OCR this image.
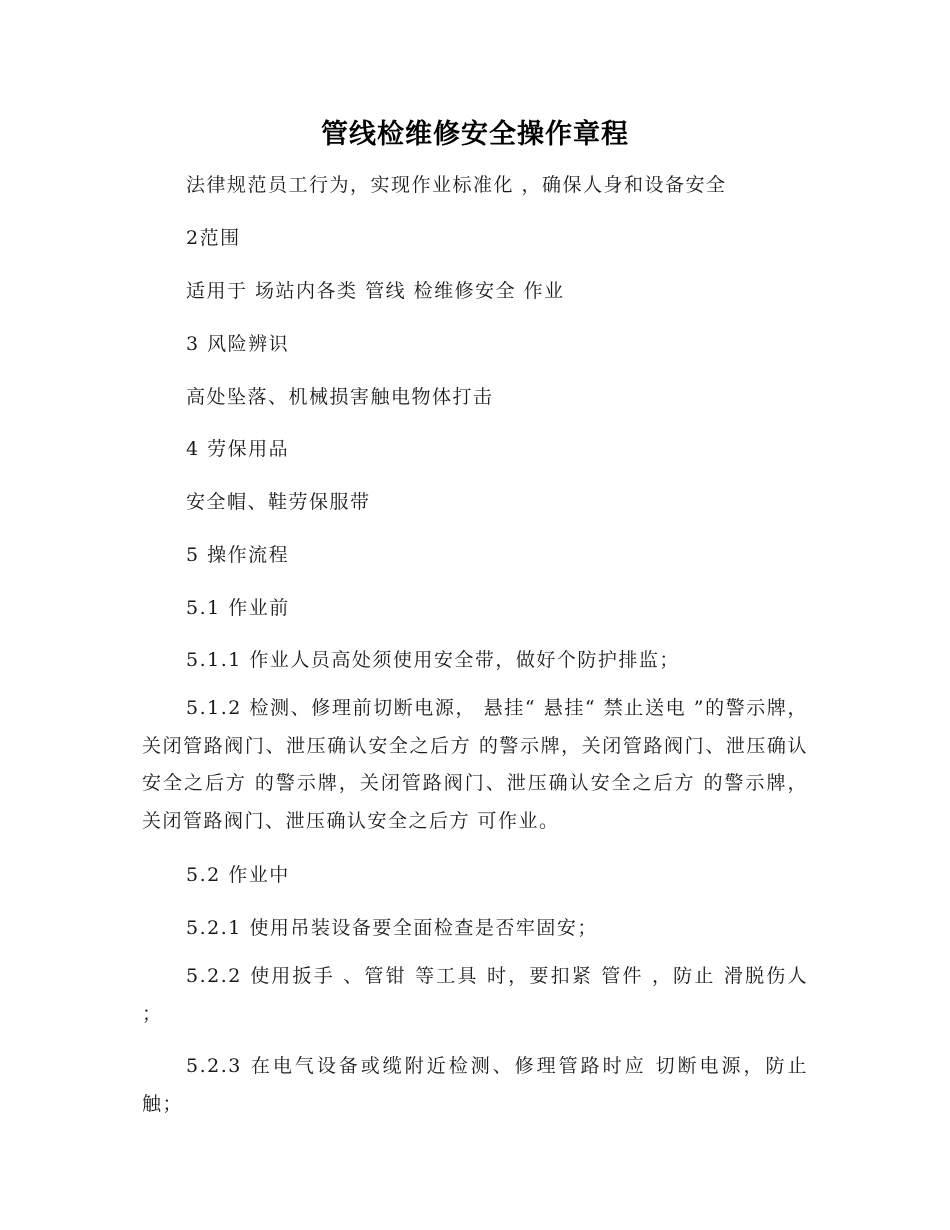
管线检维修安全操作章程
法律规范员工行为，实现作业标准化 ，确保人身和设备安全
2范围
适用于 场站内各类 管线 检维修安全 作业
3 风险辨识
高处坠落、机械损害触电物体打击
4 劳保用品
安全帽、鞋劳保服带
5 操作流程
5.1 作业前
5.1.1 作业人员高处须使用安全带，做好个防护排监；
5.1.2 检测、修理前切断电源， 悬挂“ 悬挂“ 禁止送电 ”的警示牌，关闭管路阀门、泄压确认安全之后方 的警示牌，关闭管路阀门、泄压确认安全之后方 的警示牌，关闭管路阀门、泄压确认安全之后方 的警示牌，关闭管路阀门、泄压确认安全之后方 可作业。
5.2 作业中
5.2.1 使用吊装设备要全面检查是否牢固安；
5.2.2 使用扳手 、管钳 等工具 时，要扣紧 管件 ，防止 滑脱伤人 ；
5.2.3 在电气设备或缆附近检测、修理管路时应 切断电源，防止触；
